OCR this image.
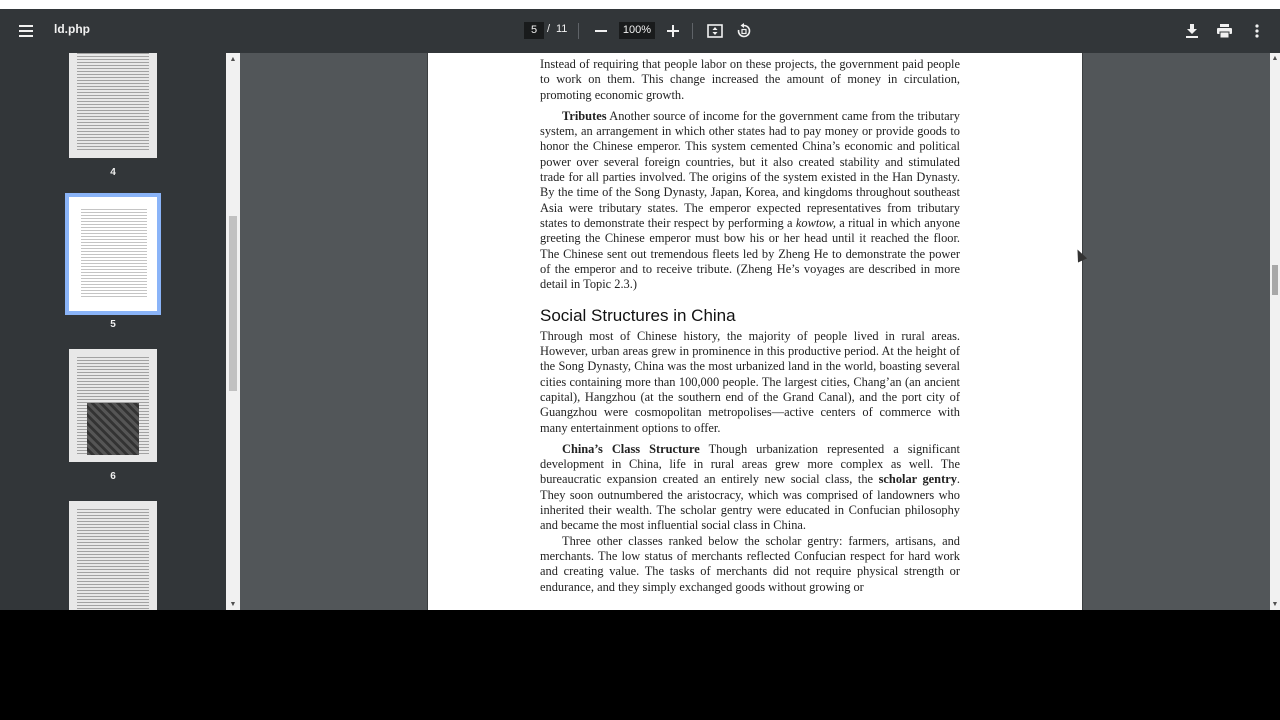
ld.php	5 / 11	100%
4
5
6
▲
▼

Instead of requiring that people labor on these projects, the government paid people to work on them. This change increased the amount of money in circulation, promoting economic growth.

Tributes Another source of income for the government came from the tributary system, an arrangement in which other states had to pay money or provide goods to honor the Chinese emperor. This system cemented China’s economic and political power over several foreign countries, but it also created stability and stimulated trade for all parties involved. The origins of the system existed in the Han Dynasty. By the time of the Song Dynasty, Japan, Korea, and kingdoms throughout southeast Asia were tributary states. The emperor expected representatives from tributary states to demonstrate their respect by performing a kowtow, a ritual in which anyone greeting the Chinese emperor must bow his or her head until it reached the floor. The Chinese sent out tremendous fleets led by Zheng He to demonstrate the power of the emperor and to receive tribute. (Zheng He’s voyages are described in more detail in Topic 2.3.)

Social Structures in China

Through most of Chinese history, the majority of people lived in rural areas. However, urban areas grew in prominence in this productive period. At the height of the Song Dynasty, China was the most urbanized land in the world, boasting several cities containing more than 100,000 people. The largest cities, Chang’an (an ancient capital), Hangzhou (at the southern end of the Grand Canal), and the port city of Guangzhou were cosmopolitan metropolises—active centers of commerce with many entertainment options to offer.

China’s Class Structure Though urbanization represented a significant development in China, life in rural areas grew more complex as well. The bureaucratic expansion created an entirely new social class, the scholar gentry. They soon outnumbered the aristocracy, which was comprised of landowners who inherited their wealth. The scholar gentry were educated in Confucian philosophy and became the most influential social class in China.

Three other classes ranked below the scholar gentry: farmers, artisans, and merchants. The low status of merchants reflected Confucian respect for hard work and creating value. The tasks of merchants did not require physical strength or endurance, and they simply exchanged goods without growing or

▲
▼
